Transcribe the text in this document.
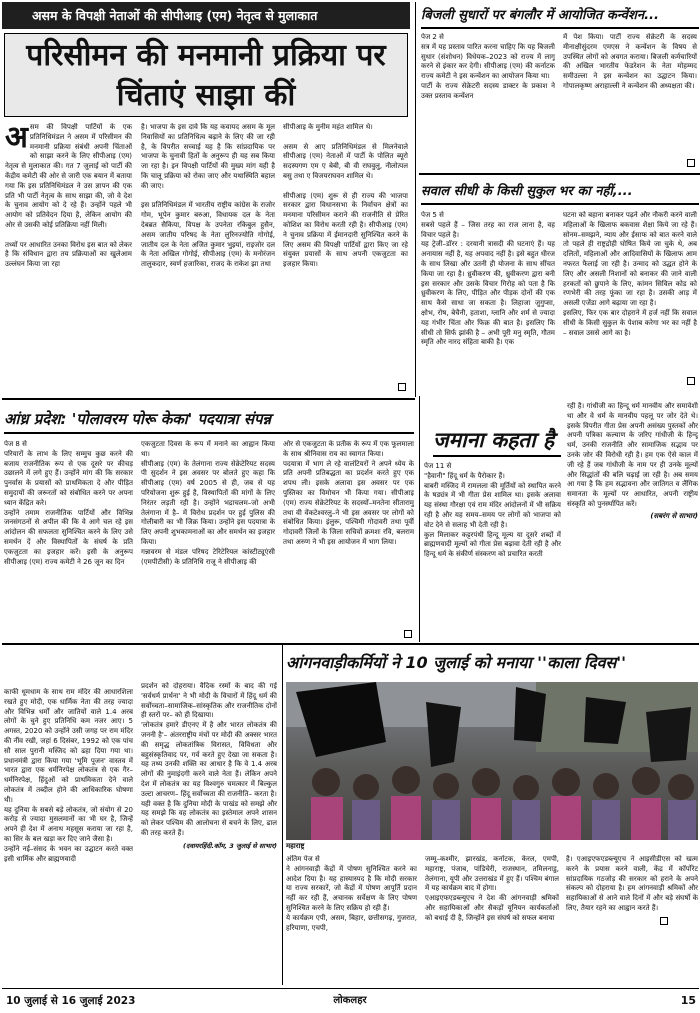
असम के विपक्षी नेताओं की सीपीआइ (एम) नेतृत्व से मुलाकात
परिसीमन की मनमानी प्रक्रिया पर चिंताएं साझा कीं
अ सम की विपक्षी पार्टियों के एक प्रतिनिधिमंडल ने असम में परिसीमन की मनमानी प्रक्रिया संबंधी अपनी चिंताओं को साझा करने के लिए सीपीआइ (एम) नेतृत्व से मुलाकात की। गत 7 जुलाई को पार्टी की केंद्रीय कमेटी की ओर से जारी एक बयान में बताया गया कि इस प्रतिनिधिमंडल ने उस ज्ञापन की एक प्रति भी पार्टी नेतृत्व के साथ साझा की, जो वे देश के चुनाव आयोग को दे रहे हैं। उन्होंने पहले भी आयोग को प्रतिवेदन दिया है, लेकिन आयोग की ओर से उसकी कोई प्रतिक्रिया नहीं मिली।

तथ्यों पर आधारित उनका विरोध इस बात को लेकर है कि संविधान द्वारा तय प्रक्रियाओं का खुलेआम उल्लंघन किया जा रहा

है। भाजपा के इस दावे कि यह कवायद असम के मूल निवासियों का प्रतिनिधित्व बढ़ाने के लिए की जा रही है, के विपरीत सच्चाई यह है कि सांप्रदायिक पर भाजपा के चुनावी हितों के अनुरूप ही यह सब किया जा रहा है। इन विपक्षी पार्टियों की मुख्य मांग यही है कि चालू प्रक्रिया को रोका जाए और यथास्थिति बहाल की जाए।

इस प्रतिनिधिमंडल में भारतीय राष्ट्रीय कांग्रेस के राजोर गोम, भूपेन कुमार बरुआ, विधायक दल के नेता देबब्रत सैकिया, विपक्ष के उपनेता रकिबुल हुसैन, असम जातीय परिषद के नेता लुरिनज्योति गोगोई, जातीय दल के नेता अजित कुमार भुइयां, राइजोर दल के नेता अखिल गोगोई, सीपीआइ (एम) के मनोरंजन तालुकदार, स्वर्ण हजारिका, राजद के राकेश झा तथा

सीपीआइ के मुनीम महंत शामिल थे।

असम से आए प्रतिनिधिमंडल से मिलनेवाले सीपीआइ (एम) नेताओं में पार्टी के पोलित ब्यूरो सदस्यगण एम ए बेबी, बी वी राघवुलु, नीलोत्पल बसु तथा ए विजयराघवन शामिल थे।

सीपीआइ (एम) शुरू से ही राज्य की भाजपा सरकार द्वारा विधानसभा के निर्वाचन क्षेत्रों का मनमाना परिसीमन कराने की राजनीति से प्रेरित कोशिश का विरोध करती रही है। सीपीआइ (एम) ने चुनाव प्रक्रिया में ईमानदारी सुनिश्चित करने के लिए असम की विपक्षी पार्टियों द्वारा किए जा रहे संयुक्त प्रयासों के साथ अपनी एकजुटता का इजहार किया।

बिजली सुधारों पर बंगलौर में आयोजित कन्वेंशन...

पेज 2 से
सत्र में यह प्रस्ताव पारित करना चाहिए कि यह बिजली सुधार (संशोधन) विधेयक–2023 को राज्य में लागू करने से इंकार कर देगी। सीपीआइ (एम) की कर्नाटक राज्य कमेटी ने इस कन्वेंशन का आयोजन किया था।
पार्टी के राज्य सेक्रेटरी सदस्य डाक्टर के प्रकाश ने उक्त प्रस्ताव कन्वेंशन

में पेश किया। पार्टी राज्य सेक्रेटरी के सदस्य मीनाक्षीसुंदरम एमएस ने कन्वेंशन के विषय से उपस्थित लोगों को अवगत कराया। बिजली कर्मचारियों की अखिल भारतीय फेडरेशन के नेता मोहम्मद समीउल्ला ने इस कन्वेंशन का उद्घाटन किया। गोपालकृष्ण अराहाल्ली ने कन्वेंशन की अध्यक्षता की।

सवाल सीधी के किसी सुकुल भर का नहीं,...

पेज 5 से
सबसे पहले हैं – जिस तरह का राज लाना है, वह विचार पहले है।
यह ट्रेजी–डॉरर : दरयानी त्रासदी की घटनाएं हैं। यह अनायास नहीं है, यह अपवाद नहीं है। इसे बहुत धीरज के साथ लिखा और उतनी ही योजना के साथ सींचत किया जा रहा है। ध्रुवीकरण की, ध्रुवीकरण द्वारा बनी इस सरकार और उसके विचार गिरोह को पता है कि ध्रुवीकरण के लिए, पीड़ित और पीड़क दोनों की एक साथ कैसे साधा जा सकता है। लिहाजा जुगुप्सा, क्षोभ, रोष, बेचैनी, हताशा, ग्लानि और शर्म से ज्यादा यह गंभीर चिंता और फिक्र की बात है। इसलिए कि सीधी तो सिर्फ झांकी है – अभी पूरी मनु स्मृति, गौतम स्मृति और नारद संहिता बाकी है। एक

घटना को बहाना बनाकर पढ़ने और नौकरी करने वाली महिलाओं के खिलाफ बकवास शैक्षा किये जा रहे हैं। सोनम–समझने, न्याय और ईसाफ को बात करने वाले तो पहले ही राष्ट्रद्रोही घोषित किये जा चुके थे, अब दलितों, महिलाओं और आदिवासियों के खिलाफ आम नफरत फैलाई जा रही है। उन्माद को उद्धत होने के लिए और असली निशानों को बनाकर की जाने वाली हरकतों को छुपाने के लिए, कांमन सिविल कोड को रणभेरी की तरह फूंका जा रहा है। उसकी आड़ में असली एजेंडा आगे बढ़ाया जा रहा है।
इसलिए, फिर एक बार दोहराने में हर्ज नहीं कि सवाल सीधी के किसी सुकुल के पेशाब करेगा भर का नहीं है – सवाल उससे आगे का है।

आंध्र प्रदेश: 'पोलावरम पोरू केका' पदयात्रा संपन्न

पेज 8 से
परियारों के लाभ के लिए सम्मुच कुछ करने की बजाय राजनीतिक रूप से एक दूसरे पर कीचड़ उछालने में लगे हुए हैं। उन्होंने मांग की कि सरकार पुनर्वास के प्रयासों को प्राथमिकता दे और पीड़ित समुदायों की जरूरतों को संबोधित करने पर अपना ध्यान केंद्रित करे।
उन्होंने तमाम राजनीतिक पार्टियों और विभिन्न जनसंगठनों से अपील की कि वे आगे चल रहे इस आंदोलन की सफलता सुनिश्चित करने के लिए उसे समर्थन दें और विस्थापितों के संघर्ष के प्रति एकजुटता का इजहार करें। इसी के अनुरूप सीपीआइ (एम) राज्य कमेटी ने 26 जून का दिन

एकजुटता दिवस के रूप में मनाने का आह्वान किया था।
सीपीआइ (एम) के तेलंगाना राज्य सेक्रेटेरियट सदस्य पी सुदर्शन ने इस अवसर पर बोलते हुए कहा कि सीपीआइ (एम) वर्ष 2005 से ही, जब से यह परियोजना शुरू हुई है, विस्थापितों की मांगों के लिए निरंतर लड़ती रही है। उन्होंने भद्राचलम–जो अभी तेलंगाना में है– में विरोध प्रदर्शन पर हुई पुलिस की गोलीबारी का भी जिक्र किया। उन्होंने इस पदयात्रा के लिए अपनी शुभकामनाओं का और समर्थन का इजहार किया।
गन्नावरम से मंडल परिषद टेरिटेरियल कांस्टीट्यूएंसी (एमपीटीसी) के प्रतिनिधि राजू ने सीपीआइ की

ओर से एकजुटता के प्रतीक के रूप में एक फूलमाला के साथ श्रीनिवास राव का स्वागत किया।
पदयात्रा में भाग ले रहे वालंटियरों ने अपने ध्येय के प्रति अपनी प्रतिबद्धता का प्रदर्शन करते हुए एक शपथ ली। इसके अलावा इस अवसर पर एक पुस्तिका का विमोचन भी किया गया। सीपीआइ (एम) राज्य सेक्रेटेरियट के सदस्यों–मनतेना सीतारामु तथा वी वेंकटेश्वरलु–ने भी इस अवसर पर लोगों को संबोधित किया। इंलुरू, पश्चिमी गोदावरी तथा पूर्वी गोदावरी जिलों के जिला सचिवों क्रमशः रवि, बलराम तथा अरुण ने भी इस आयोजन में भाग लिया।

जमाना कहता है

पेज 11 से
"हैवानी" हिंदू धर्म के पैरोकार हैं।
बाबरी मस्जिद में रामलला की मूर्तियों को स्थापित करने के षड्यंत्र में भी गीता प्रेस शामिल था। इसके अलावा यह संस्था गौरक्षा एवं राम मंदिर आंदोलनों में भी सक्रिय रही है और यह समय–समय पर लोगों को भाजपा को वोट देने से सलाह भी देती रही है।
कुल मिलाकर कट्टरपंथी हिन्दू मूल्य या दूसरे शब्दों में ब्राह्मणवादी मूल्यों को गीता प्रेस बढ़ावा देती रही है और हिन्दू धर्म के संकीर्ण संस्करण को प्रचारित करती

रही है। गांधीजी का हिन्दू धर्म मानवीय और समावेशी था और वे धर्म के मानवीय पहलू पर जोर देते थे। इसके विपरीत गीता प्रेस अपनी असंख्य पुस्तकों और अपनी पत्रिका कल्याण के जरिए गांधीजी के हिन्दू धर्म, उनकी राजनीति और सामाजिक सद्भाव पर उनके जोर की विरोधी रही है। हम एक ऐसे काल में जी रहे हैं जब गांधीजी के नाम पर ही उनके मूल्यों और सिद्धांतों की बलि चढ़ाई जा रही है। अब समय आ गया है कि हम सद्भावना और जातिगत व लैंगिक समानता के मूल्यों पर आधारित, अपनी राष्ट्रीय संस्कृति को पुनर्स्थापित करें।

(सबरंग से साभार)
आंगनवाड़ीकर्मियों ने 10 जुलाई को मनाया ''काला दिवस''
महाराष्ट्र

अंतिम पेज से
ने आंगनवाड़ी केंद्रों में पोषण सुनिश्चित करने का आदेश दिया है। यह हास्यास्पद है कि मोदी सरकार या राज्य सरकारें, जो केंद्रों में पोषण आपूर्ति प्रदान नहीं कर रही हैं, अचानक सर्वेक्षण के लिए पोषण सुनिश्चित करने के लिए सक्रिय हो रही हैं।
ये कार्यक्रम एपी, असम, बिहार, छत्तीसगढ़, गुजरात, हरियाणा, एचपी,

जम्मू–कश्मीर, झारखंड, कर्नाटक, केरल, एमपी, महाराष्ट्र, पंजाब, पांडिचेरी, राजस्थान, तमिलनाडु, तेलंगाना, यूपी और उत्तराखंड में हुए हैं। पश्चिम बंगाल में यह कार्यक्रम बाद में होगा।
एआइएफएडब्ल्यूएच ने देश की आंगनवाड़ी श्रमिकों और सहायिकाओं और सैकड़ों यूनियन कार्यकर्ताओं को बधाई दी है, जिन्होंने इस संघर्ष को सफल बनाया

है। एआइएफएडब्ल्यूएच ने आइसीडीएस को खत्म करने के प्रयास करने वाली, केंद्र में कॉर्पोरेट सांप्रदायिक गठजोड़ की सरकार को हराने के अपने संकल्प को दोहराया है। हम आंगनवाड़ी श्रमिकों और सहायिकाओं से आने वाले दिनों में और बड़े संघर्षों के लिए, तैयार रहने का आह्वान करते हैं।

काफी धूमधाम के साथ राम मंदिर की आधारशिला रखते हुए मोदी, एक धार्मिक नेता की तरह ज्यादा और विभिन्न धर्मों और जातियों वाले 1.4 अरब लोगों के चुने हुए प्रतिनिधि कम नजर आए। 5 अगस्त, 2020 को उन्होंने उसी जगह पर राम मंदिर की नींव रखी, जहां 6 दिसंबर, 1992 को एक पांच सौ साल पुरानी मस्जिद को ढहा दिया गया था। प्रधानमंत्री द्वारा किया गया 'भूमि पूजन' वास्तव में भारत द्वारा एक धर्मनिरपेक्ष लोकतंत्र से एक गैर–धर्मनिरपेक्ष, हिंदुओं को प्राथमिकता देने वाले लोकतंत्र में तब्दील होने की आधिकारिक घोषणा थी।
यह दुनिया के सबसे बड़े लोकतंत्र, जो संयोग से 20 करोड़ से ज्यादा मुसलमानों का भी घर है, जिन्हें अपने ही देश में अनाथ महसूस कराया जा रहा है, का सिर के बल खड़ा कर दिए जाने जैसा है।
उन्होंने नई–संसद के भवन का उद्घाटन करते वक्त इसी धार्मिक और ब्राह्मणवादी

प्रदर्शन को दोहराया। वैदिक रस्मों के बाद की गई 'सर्वधर्म प्रार्थना' ने भी मोदी के विचारों में हिंदू धर्म की सर्वोच्चता–सामाजिक–सांस्कृतिक और राजनीतिक दोनों ही स्तरों पर– को ही दिखाया।
'लोकतंत्र हमारे डीएनए में है और भारत लोकतंत्र की जननी है'– अंतरराष्ट्रीय मंचों पर मोदी की अक्सर भारत की समृद्ध लोकतांत्रिक विरासत, विविधता और बहुसंस्कृतिवाद पर, गर्व करते हुए देखा जा सकता है। यह तथ्य उनकी शक्ति का आधार है कि वे 1.4 अरब लोगों की नुमाइंदगी करने वाले नेता हैं। लेकिन अपने देश में लोकतंत्र का यह विश्वगुरु चमत्कार में बिल्कुल उल्टा आचरण– हिंदू सर्वोच्चता की राजनीति– करता है।
यही वक्त है कि दुनिया मोदी के पाखंड को समझे और यह समझे कि वह लोकतंत्र का इस्तेमाल अपने शासन को लेकर पश्चिम की आलोचना से बचने के लिए, ढाल की तरह करते हैं।

(दवायरहिंदी.कॉम, 3 जुलाई से साभार)
10 जुलाई से 16 जुलाई 2023	लोकलहर	15
